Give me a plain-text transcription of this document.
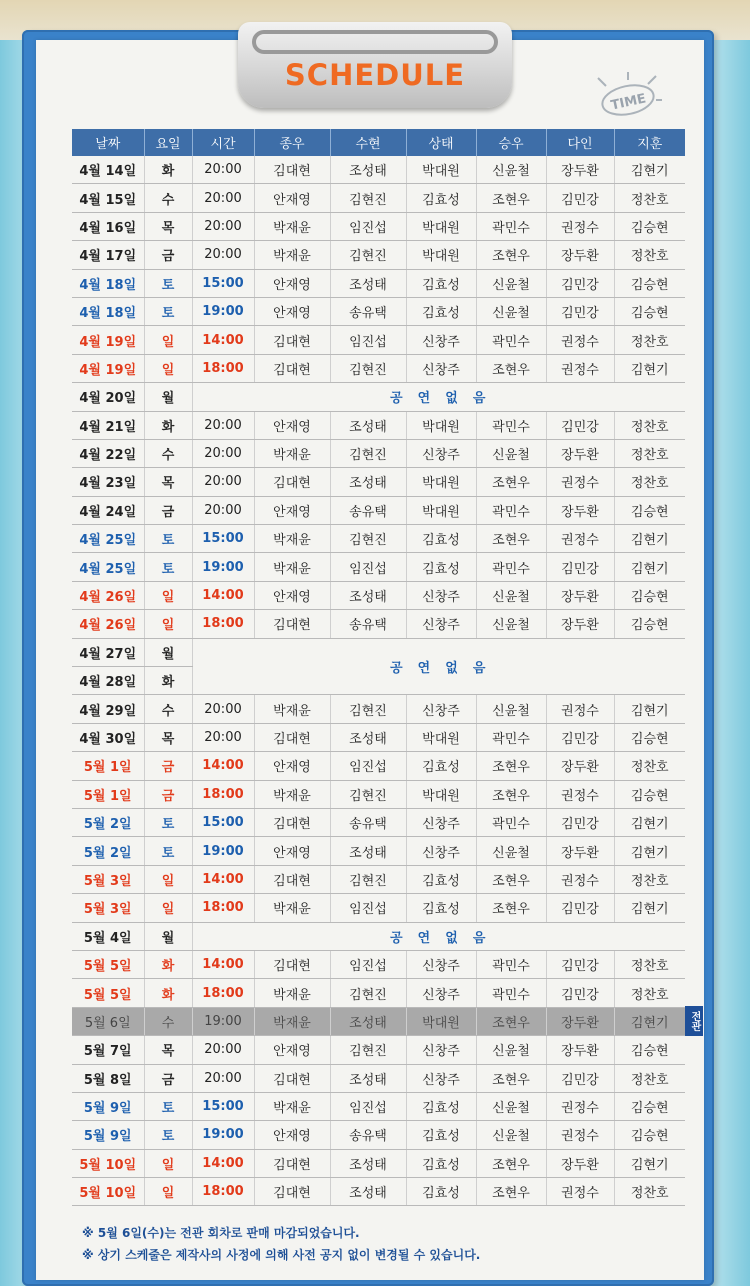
SCHEDULE
TIME
날짜	요일	시간	종우	수현	상태	승우	다인	지훈
4월 14일	화	20:00	김대현	조성태	박대원	신윤철	장두환	김현기
4월 15일	수	20:00	안재영	김현진	김효성	조현우	김민강	정찬호
4월 16일	목	20:00	박재윤	임진섭	박대원	곽민수	권정수	김승현
4월 17일	금	20:00	박재윤	김현진	박대원	조현우	장두환	정찬호
4월 18일	토	15:00	안재영	조성태	김효성	신윤철	김민강	김승현
4월 18일	토	19:00	안재영	송유택	김효성	신윤철	김민강	김승현
4월 19일	일	14:00	김대현	임진섭	신창주	곽민수	권정수	정찬호
4월 19일	일	18:00	김대현	김현진	신창주	조현우	권정수	김현기
4월 20일	월	공  연  없  음						
4월 21일	화	20:00	안재영	조성태	박대원	곽민수	김민강	정찬호
4월 22일	수	20:00	박재윤	김현진	신창주	신윤철	장두환	정찬호
4월 23일	목	20:00	김대현	조성태	박대원	조현우	권정수	정찬호
4월 24일	금	20:00	안재영	송유택	박대원	곽민수	장두환	김승현
4월 25일	토	15:00	박재윤	김현진	김효성	조현우	권정수	김현기
4월 25일	토	19:00	박재윤	임진섭	김효성	곽민수	김민강	김현기
4월 26일	일	14:00	안재영	조성태	신창주	신윤철	장두환	김승현
4월 26일	일	18:00	김대현	송유택	신창주	신윤철	장두환	김승현
4월 27일	월	공  연  없  음						
4월 28일	화							
4월 29일	수	20:00	박재윤	김현진	신창주	신윤철	권정수	김현기
4월 30일	목	20:00	김대현	조성태	박대원	곽민수	김민강	김승현
5월 1일	금	14:00	안재영	임진섭	김효성	조현우	장두환	정찬호
5월 1일	금	18:00	박재윤	김현진	박대원	조현우	권정수	김승현
5월 2일	토	15:00	김대현	송유택	신창주	곽민수	김민강	김현기
5월 2일	토	19:00	안재영	조성태	신창주	신윤철	장두환	김현기
5월 3일	일	14:00	김대현	김현진	김효성	조현우	권정수	정찬호
5월 3일	일	18:00	박재윤	임진섭	김효성	조현우	김민강	김현기
5월 4일	월	공  연  없  음						
5월 5일	화	14:00	김대현	임진섭	신창주	곽민수	김민강	정찬호
5월 5일	화	18:00	박재윤	김현진	신창주	곽민수	김민강	정찬호
5월 6일	수	19:00	박재윤	조성태	박대원	조현우	장두환	김현기
5월 7일	목	20:00	안재영	김현진	신창주	신윤철	장두환	김승현
5월 8일	금	20:00	김대현	조성태	신창주	조현우	김민강	정찬호
5월 9일	토	15:00	박재윤	임진섭	김효성	신윤철	권정수	김승현
5월 9일	토	19:00	안재영	송유택	김효성	신윤철	권정수	김승현
5월 10일	일	14:00	김대현	조성태	김효성	조현우	장두환	김현기
5월 10일	일	18:00	김대현	조성태	김효성	조현우	권정수	정찬호
전관
※ 5월 6일(수)는 전관 회차로 판매 마감되었습니다.
※ 상기 스케줄은 제작사의 사정에 의해 사전 공지 없이 변경될 수 있습니다.
